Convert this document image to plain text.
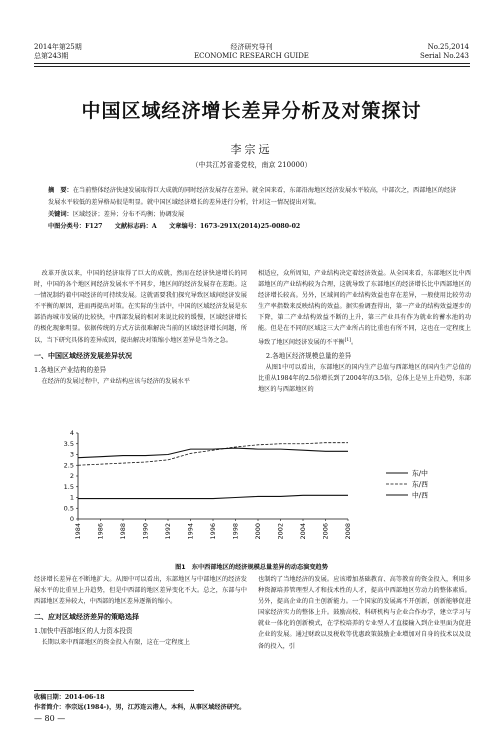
2014年第25期
总第243期
经济研究导刊
ECONOMIC RESEARCH GUIDE
No.25,2014
Serial No.243
中国区域经济增长差异分析及对策探讨
李宗远
（中共江苏省委党校，南京 210000）
摘　要：在当前整体经济快速发展取得巨大成就的同时经济发展存在差异。就全国来看，东部沿海地区经济发展水平较高，中部次之，西部地区的经济发展水平较低的差异格局很是明显。就中国区域经济增长的差异进行分析，针对这一情况提出对策。
关键词：区域经济；差异；分布不均衡；协调发展
中图分类号：F127　　文献标志码：A　　文章编号：1673-291X(2014)25-0080-02
改革开放以来，中国的经济取得了巨大的成就，然而在经济快速增长的同时，中国的各个地区间经济发展水平不同步，地区间的经济发展存在差距。这一情况制约着中国经济的可持续发展。这就需要我们探究导致区域间经济发展不平衡的原因，进而再提出对策。在实际的生活中，中国的区域经济发展是东部沿海城市发展的比较快，中西部发展的相对来说比较的缓慢，区域经济增长的极化现象明显。依据传统的方式方法很难解决当前的区域经济增长问题，所以，当下研究具体的差异成因，提出解决对策缩小地区差异是当务之急。
一、中国区域经济发展差异状况
1.各地区产业结构的差异
在经济的发展过程中，产业结构应该与经济的发展水平
相适应，众所周知，产业结构决定着经济效益。从全国来看，东部地区比中西部地区的产业结构较为合理，这就导致了东部地区的经济增长比中西部地区的经济增长较高。另外，区域间的产业结构效益也存在差异，一般使用比较劳动生产率指数来反映结构的效益。据实验调查得出，第一产业的结构效益逐步的下降，第二产业结构效益不断的上升，第三产业具有作为就业的蓄水池的功能。但是在不同的区域这三大产业所占的比重也有所不同，这也在一定程度上导致了地区间经济发展的不平衡[1]。
2.各地区经济规模总量的差异
从图1中可以看出，东部地区的国内生产总值与西部地区的国内生产总值的比重从1984年的2.5倍增长到了2004年的3.5倍，总体上是呈上升趋势，东部地区的与西部地区的
0
0.5
1
1.5
2
2.5
3
3.5
4
1984 1986 1988 1990 1992 1994 1996 1998 2000 2002 2004 2006 2008
东/中
东/西
中/西
图1　东中西部地区的经济规模总量差异的动态演变趋势
经济增长差异在不断地扩大。从图中可以看出，东部地区与中部地区的经济发展水平的比重呈上升趋势，但是中西部的地区差异变化不大。总之，东部与中西部地区差异较大，中西部的地区差异逐渐的缩小。
二、应对区域经济差异的策略选择
1.加快中西部地区的人力资本投资
长期以来中西部地区的资金投入有限，这在一定程度上
也制约了当地经济的发展。应该增加基础教育、高等教育的资金投入，利用多种资源培养管理型人才和技术性的人才，提高中西部地区劳动力的整体素质。另外，提高企业的自主创新能力。一个国家的发展离不开创新，创新能够促进国家经济实力的整体上升。鼓励高校、科研机构与企业合作办学，建立学习与就业一体化的创新模式，在学校培养的专业型人才直接输入到企业里面为促进企业的发展。通过财政以及税收等优惠政策鼓励企业增加对自身的技术以及设备的投入，引
收稿日期：2014-06-18
作者简介：李宗远(1984-)，男，江苏连云港人，本科，从事区域经济研究。
— 80 —
